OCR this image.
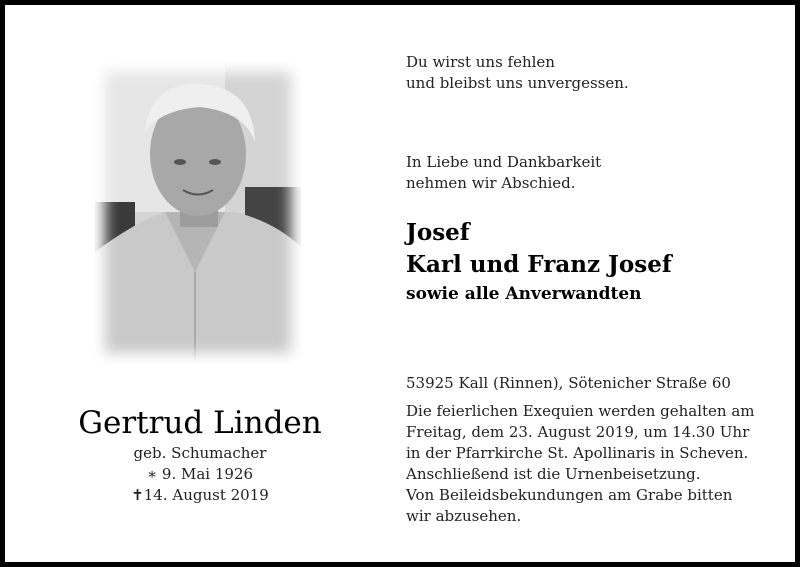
Gertrud Linden
geb. Schumacher
∗ 9. Mai 1926
✝14. August 2019
Du wirst uns fehlen
und bleibst uns unvergessen.
In Liebe und Dankbarkeit
nehmen wir Abschied.
Josef
Karl und Franz Josef
sowie alle Anverwandten
53925 Kall (Rinnen), Sötenicher Straße 60
Die feierlichen Exequien werden gehalten am
Freitag, dem 23. August 2019, um 14.30 Uhr
in der Pfarrkirche St. Apollinaris in Scheven.
Anschließend ist die Urnenbeisetzung.
Von Beileidsbekundungen am Grabe bitten
wir abzusehen.
